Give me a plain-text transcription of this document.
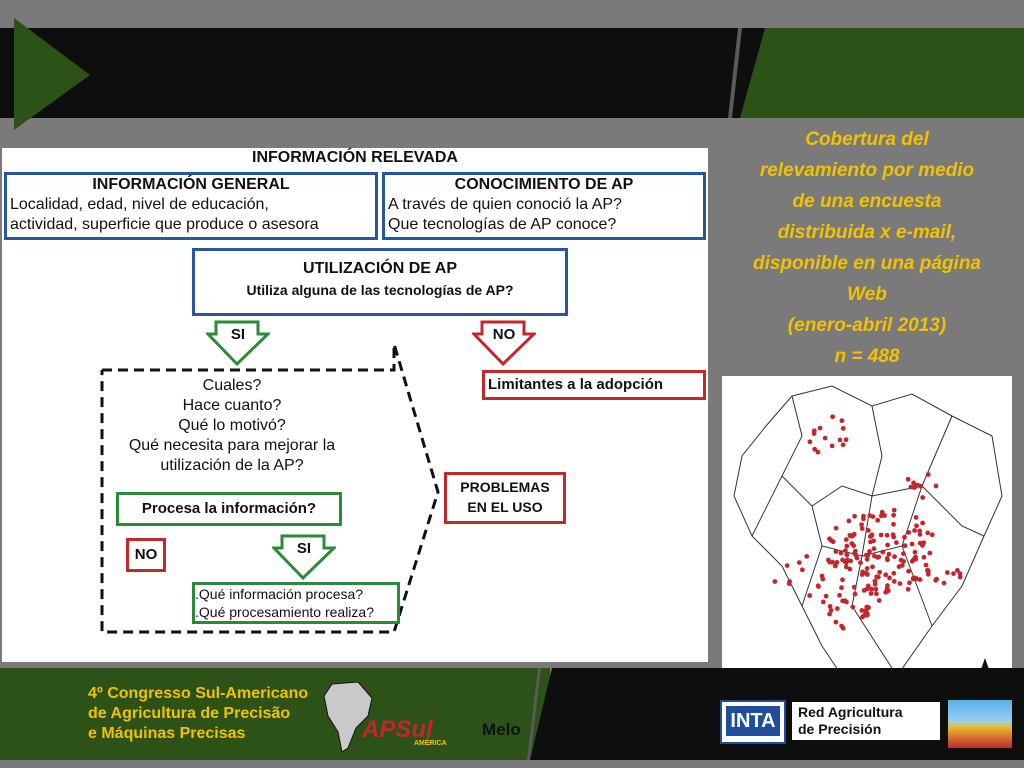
INFORMACIÓN RELEVADA
INFORMACIÓN GENERAL
Localidad, edad, nivel de educación,
actividad, superficie que produce o asesora
CONOCIMIENTO DE AP
A través de quien conoció la AP?
Que tecnologías de AP conoce?
UTILIZACIÓN DE AP
Utiliza alguna de las tecnologías de AP?
SI	NO
Limitantes a la adopción
Cuales?
Hace cuanto?
Qué lo motivó?
Qué necesita para mejorar la
utilización de la AP?
Procesa la información?
NO	SI
.Qué información procesa?
.Qué procesamiento realiza?
PROBLEMAS
EN EL USO
Cobertura del
relevamiento por medio
de una encuesta
distribuida x e-mail,
disponible en una página
Web
(enero-abril 2013)
n = 488
4º Congresso Sul-Americano
de Agricultura de Precisão
e Máquinas Precisas	APSul
AMÉRICA
Melo	INTA	Red Agricultura
de Precisión
